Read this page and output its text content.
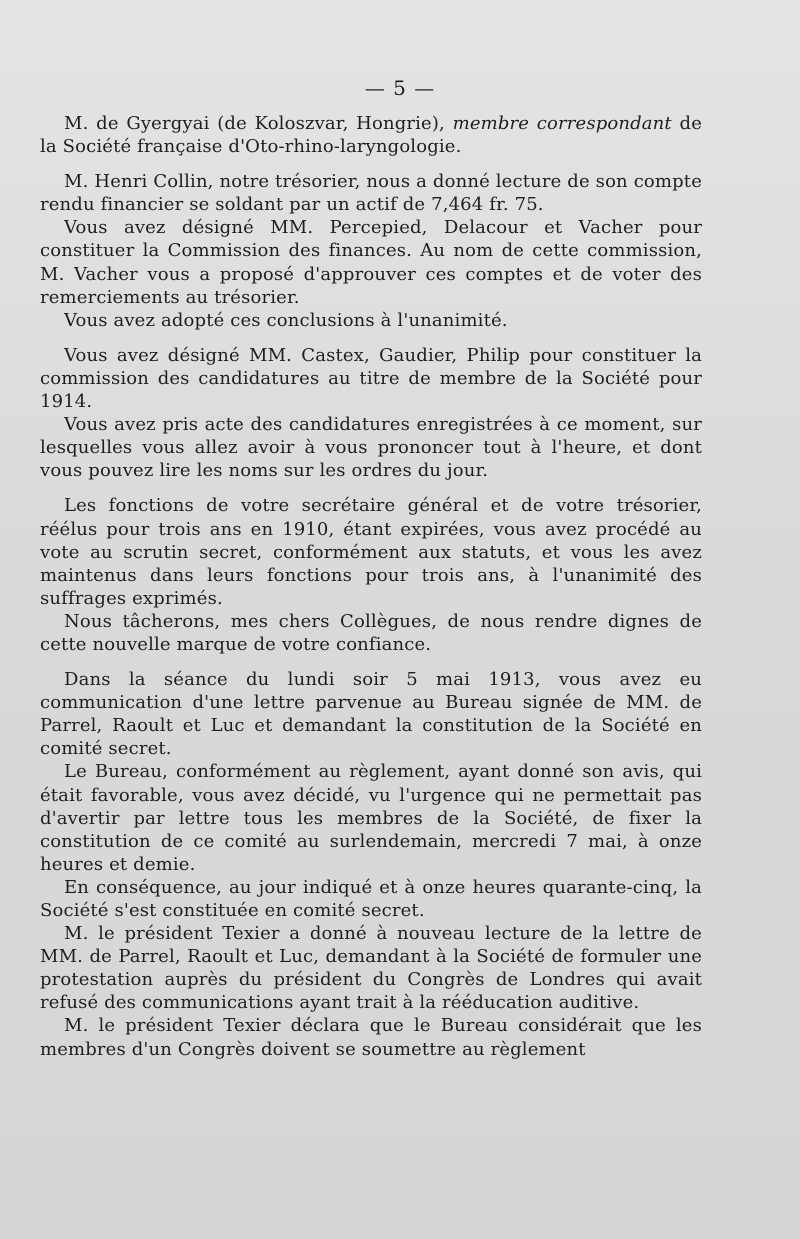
— 5 —

M. de Gyergyai (de Koloszvar, Hongrie), membre correspondant de la Société française d'Oto-rhino-laryngologie.

M. Henri Collin, notre trésorier, nous a donné lecture de son compte rendu financier se soldant par un actif de 7,464 fr. 75.

Vous avez désigné MM. Percepied, Delacour et Vacher pour constituer la Commission des finances. Au nom de cette commission, M. Vacher vous a proposé d'approuver ces comptes et de voter des remerciements au trésorier.

Vous avez adopté ces conclusions à l'unanimité.

Vous avez désigné MM. Castex, Gaudier, Philip pour constituer la commission des candidatures au titre de membre de la Société pour 1914.

Vous avez pris acte des candidatures enregistrées à ce moment, sur lesquelles vous allez avoir à vous prononcer tout à l'heure, et dont vous pouvez lire les noms sur les ordres du jour.

Les fonctions de votre secrétaire général et de votre trésorier, réélus pour trois ans en 1910, étant expirées, vous avez procédé au vote au scrutin secret, conformément aux statuts, et vous les avez maintenus dans leurs fonctions pour trois ans, à l'unanimité des suffrages exprimés.

Nous tâcherons, mes chers Collègues, de nous rendre dignes de cette nouvelle marque de votre confiance.

Dans la séance du lundi soir 5 mai 1913, vous avez eu communication d'une lettre parvenue au Bureau signée de MM. de Parrel, Raoult et Luc et demandant la constitution de la Société en comité secret.

Le Bureau, conformément au règlement, ayant donné son avis, qui était favorable, vous avez décidé, vu l'urgence qui ne permettait pas d'avertir par lettre tous les membres de la Société, de fixer la constitution de ce comité au surlendemain, mercredi 7 mai, à onze heures et demie.

En conséquence, au jour indiqué et à onze heures quarante-cinq, la Société s'est constituée en comité secret.

M. le président Texier a donné à nouveau lecture de la lettre de MM. de Parrel, Raoult et Luc, demandant à la Société de formuler une protestation auprès du président du Congrès de Londres qui avait refusé des communications ayant trait à la rééducation auditive.

M. le président Texier déclara que le Bureau considérait que les membres d'un Congrès doivent se soumettre au règlement
